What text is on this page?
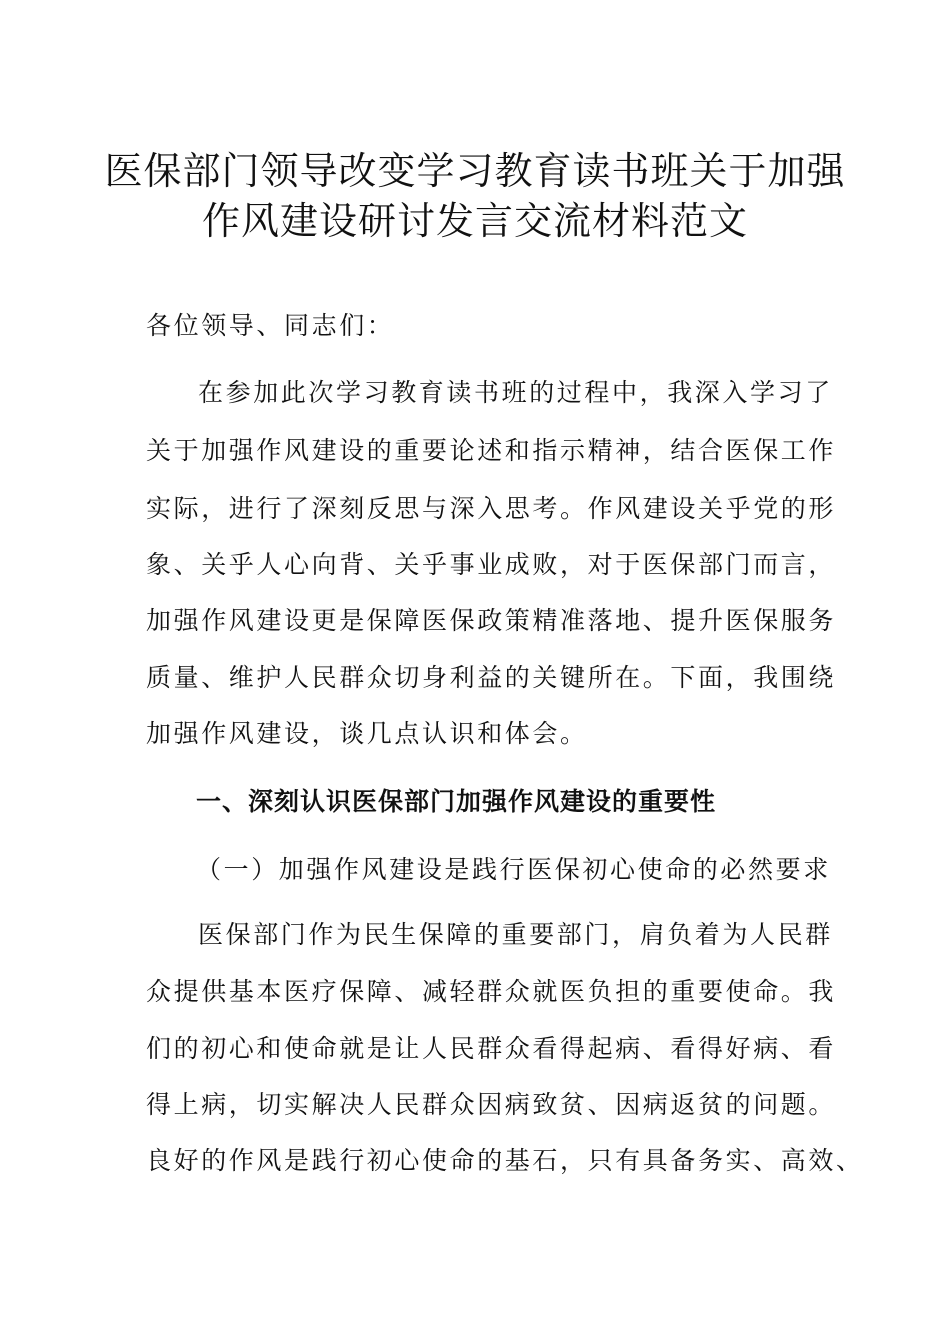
医保部门领导改变学习教育读书班关于加强
作风建设研讨发言交流材料范文
各位领导、同志们：
在参加此次学习教育读书班的过程中，我深入学习了
关于加强作风建设的重要论述和指示精神，结合医保工作
实际，进行了深刻反思与深入思考。作风建设关乎党的形
象、关乎人心向背、关乎事业成败，对于医保部门而言，
加强作风建设更是保障医保政策精准落地、提升医保服务
质量、维护人民群众切身利益的关键所在。下面，我围绕
加强作风建设，谈几点认识和体会。
一、深刻认识医保部门加强作风建设的重要性
（一）加强作风建设是践行医保初心使命的必然要求
医保部门作为民生保障的重要部门，肩负着为人民群
众提供基本医疗保障、减轻群众就医负担的重要使命。我
们的初心和使命就是让人民群众看得起病、看得好病、看
得上病，切实解决人民群众因病致贫、因病返贫的问题。
良好的作风是践行初心使命的基石，只有具备务实、高效、
